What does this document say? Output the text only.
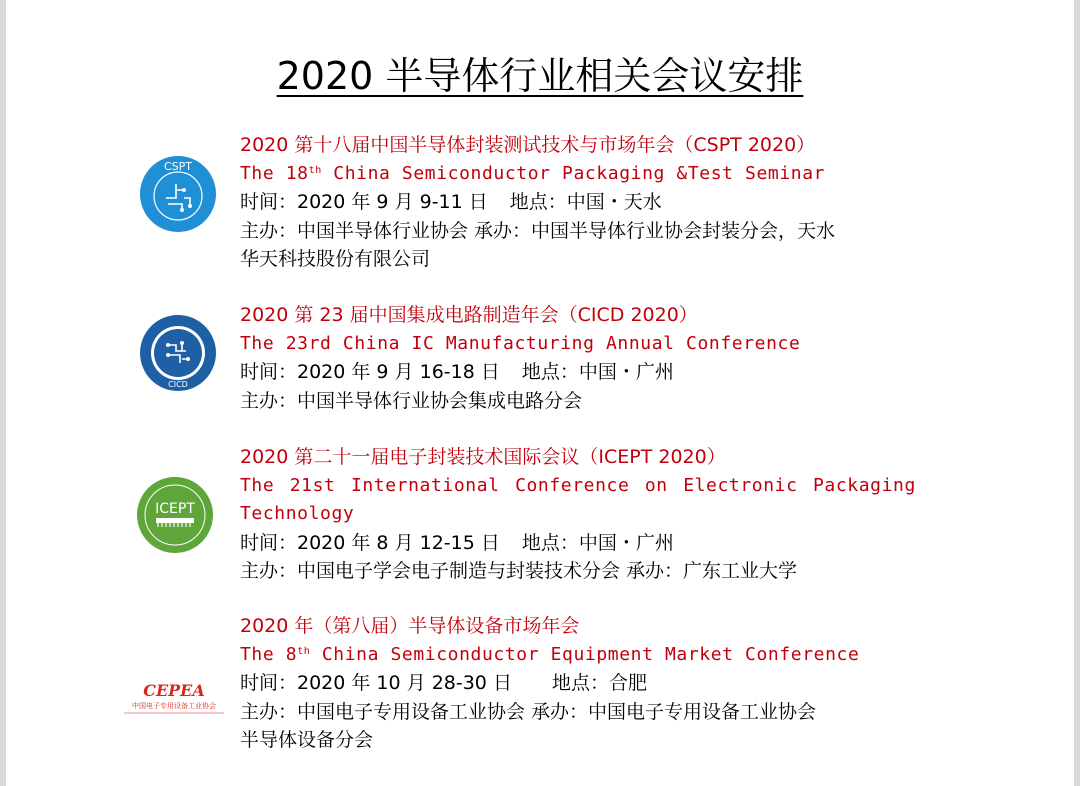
2020 半导体行业相关会议安排
CSPT
2020 第十八届中国半导体封装测试技术与市场年会（CSPT 2020）
The 18th China Semiconductor Packaging &Test Seminar
时间：2020 年 9 月 9-11 日 地点：中国・天水
主办：中国半导体行业协会 承办：中国半导体行业协会封装分会，天水
华天科技股份有限公司
CICD
2020 第 23 届中国集成电路制造年会（CICD 2020）
The 23rd China IC Manufacturing Annual Conference
时间：2020 年 9 月 16-18 日 地点：中国・广州
主办：中国半导体行业协会集成电路分会
ICEPT
2020 第二十一届电子封装技术国际会议（ICEPT 2020）
The 21st International Conference on Electronic Packaging
Technology
时间：2020 年 8 月 12-15 日 地点：中国・广州
主办：中国电子学会电子制造与封装技术分会 承办：广东工业大学
CEPEA
中国电子专用设备工业协会
2020 年（第八届）半导体设备市场年会
The 8th China Semiconductor Equipment Market Conference
时间：2020 年 10 月 28-30 日 地点：合肥
主办：中国电子专用设备工业协会 承办：中国电子专用设备工业协会
半导体设备分会
